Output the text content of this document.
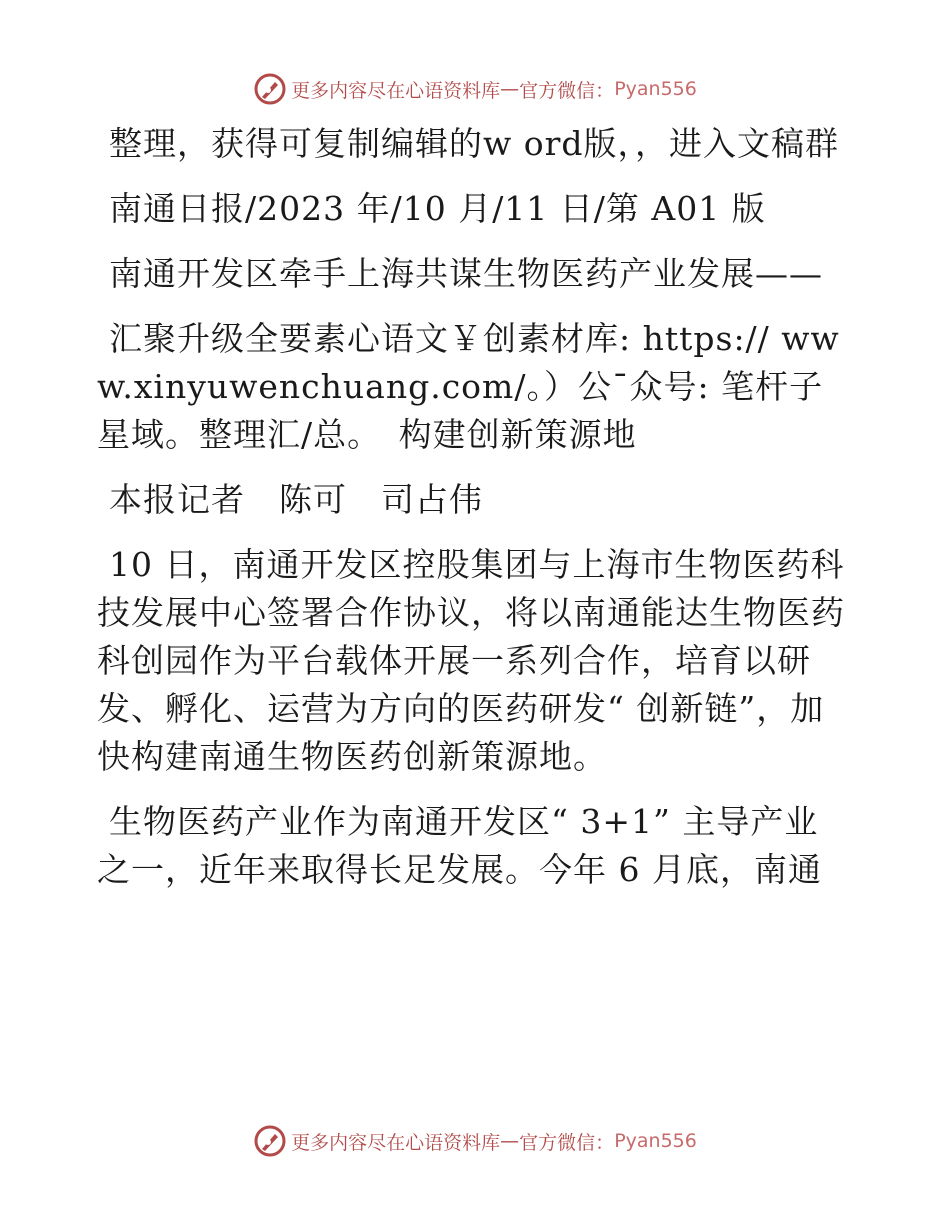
更多内容尽在心语资料库 — 官方微信： Pyan556

整理，获得可复制编辑的w ord版，，进入文稿群

南通日报/2023 年/10 月/11 日/第 A01 版

南通开发区牵手上海共谋生物医药产业发展——

汇聚升级全要素心语文￥创素材库: https:// www.xinyuwenchuang.com/。）公¯众号: 笔杆子星域。整理汇/总。　构建创新策源地

本报记者　陈可　司占伟

10 日，南通开发区控股集团与上海市生物医药科技发展中心签署合作协议，将以南通能达生物医药科创园作为平台载体开展一系列合作，培育以研发、孵化、运营为方向的医药研发“ 创新链”，加快构建南通生物医药创新策源地。

生物医药产业作为南通开发区“ 3+1” 主导产业之一，近年来取得长足发展。今年 6 月底，南通

更多内容尽在心语资料库 — 官方微信： Pyan556
